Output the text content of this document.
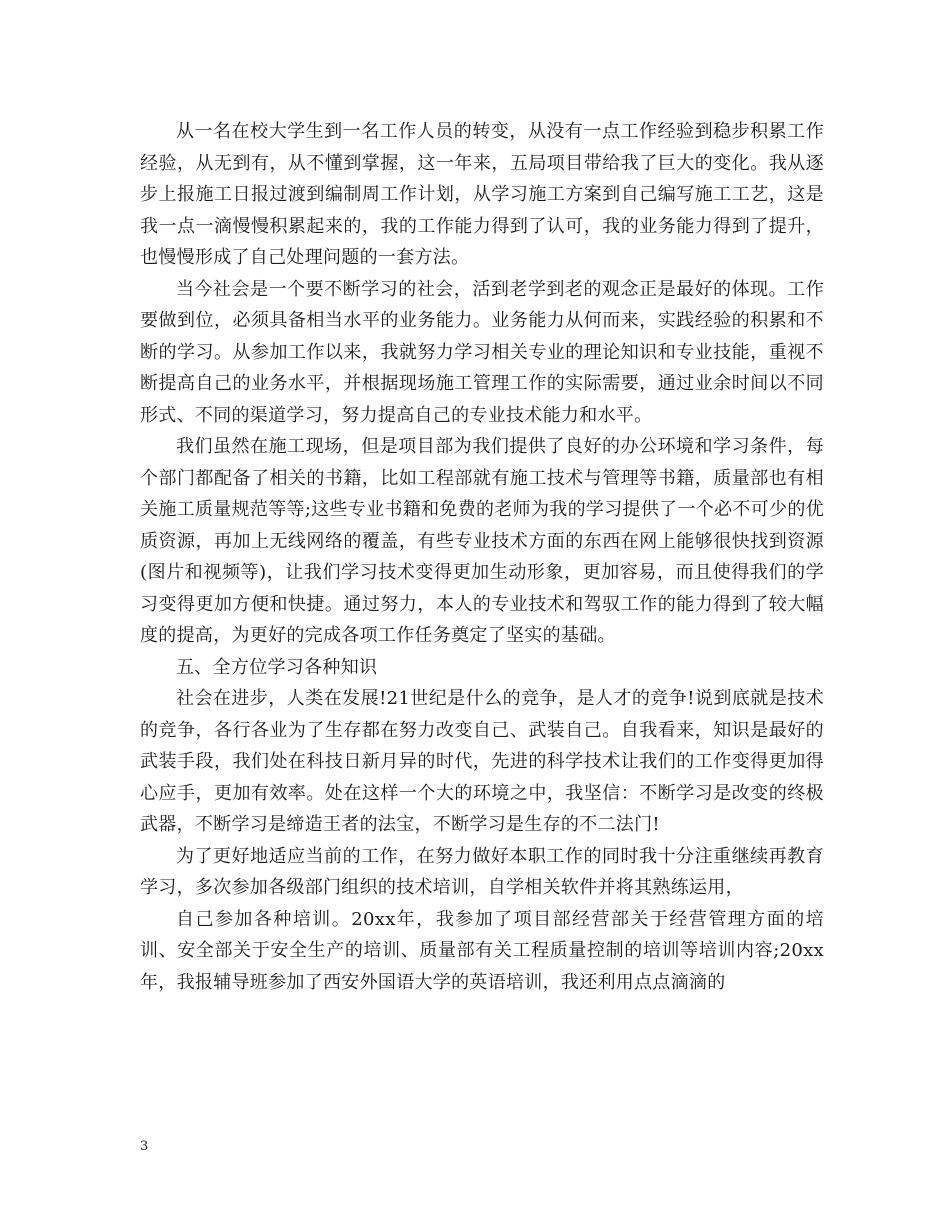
从一名在校大学生到一名工作人员的转变，从没有一点工作经验到稳步积累工作经验，从无到有，从不懂到掌握，这一年来，五局项目带给我了巨大的变化。我从逐步上报施工日报过渡到编制周工作计划，从学习施工方案到自己编写施工工艺，这是我一点一滴慢慢积累起来的，我的工作能力得到了认可，我的业务能力得到了提升，也慢慢形成了自己处理问题的一套方法。

当今社会是一个要不断学习的社会，活到老学到老的观念正是最好的体现。工作要做到位，必须具备相当水平的业务能力。业务能力从何而来，实践经验的积累和不断的学习。从参加工作以来，我就努力学习相关专业的理论知识和专业技能，重视不断提高自己的业务水平，并根据现场施工管理工作的实际需要，通过业余时间以不同形式、不同的渠道学习，努力提高自己的专业技术能力和水平。

我们虽然在施工现场，但是项目部为我们提供了良好的办公环境和学习条件，每个部门都配备了相关的书籍，比如工程部就有施工技术与管理等书籍，质量部也有相关施工质量规范等等;这些专业书籍和免费的老师为我的学习提供了一个必不可少的优质资源，再加上无线网络的覆盖，有些专业技术方面的东西在网上能够很快找到资源(图片和视频等)，让我们学习技术变得更加生动形象，更加容易，而且使得我们的学习变得更加方便和快捷。通过努力，本人的专业技术和驾驭工作的能力得到了较大幅度的提高，为更好的完成各项工作任务奠定了坚实的基础。

五、全方位学习各种知识

社会在进步，人类在发展!21世纪是什么的竞争，是人才的竞争!说到底就是技术的竞争，各行各业为了生存都在努力改变自己、武装自己。自我看来，知识是最好的武装手段，我们处在科技日新月异的时代，先进的科学技术让我们的工作变得更加得心应手，更加有效率。处在这样一个大的环境之中，我坚信：不断学习是改变的终极武器，不断学习是缔造王者的法宝，不断学习是生存的不二法门!

为了更好地适应当前的工作，在努力做好本职工作的同时我十分注重继续再教育学习，多次参加各级部门组织的技术培训，自学相关软件并将其熟练运用，

自己参加各种培训。20xx年，我参加了项目部经营部关于经营管理方面的培训、安全部关于安全生产的培训、质量部有关工程质量控制的培训等培训内容;20xx年，我报辅导班参加了西安外国语大学的英语培训，我还利用点点滴滴的

3
